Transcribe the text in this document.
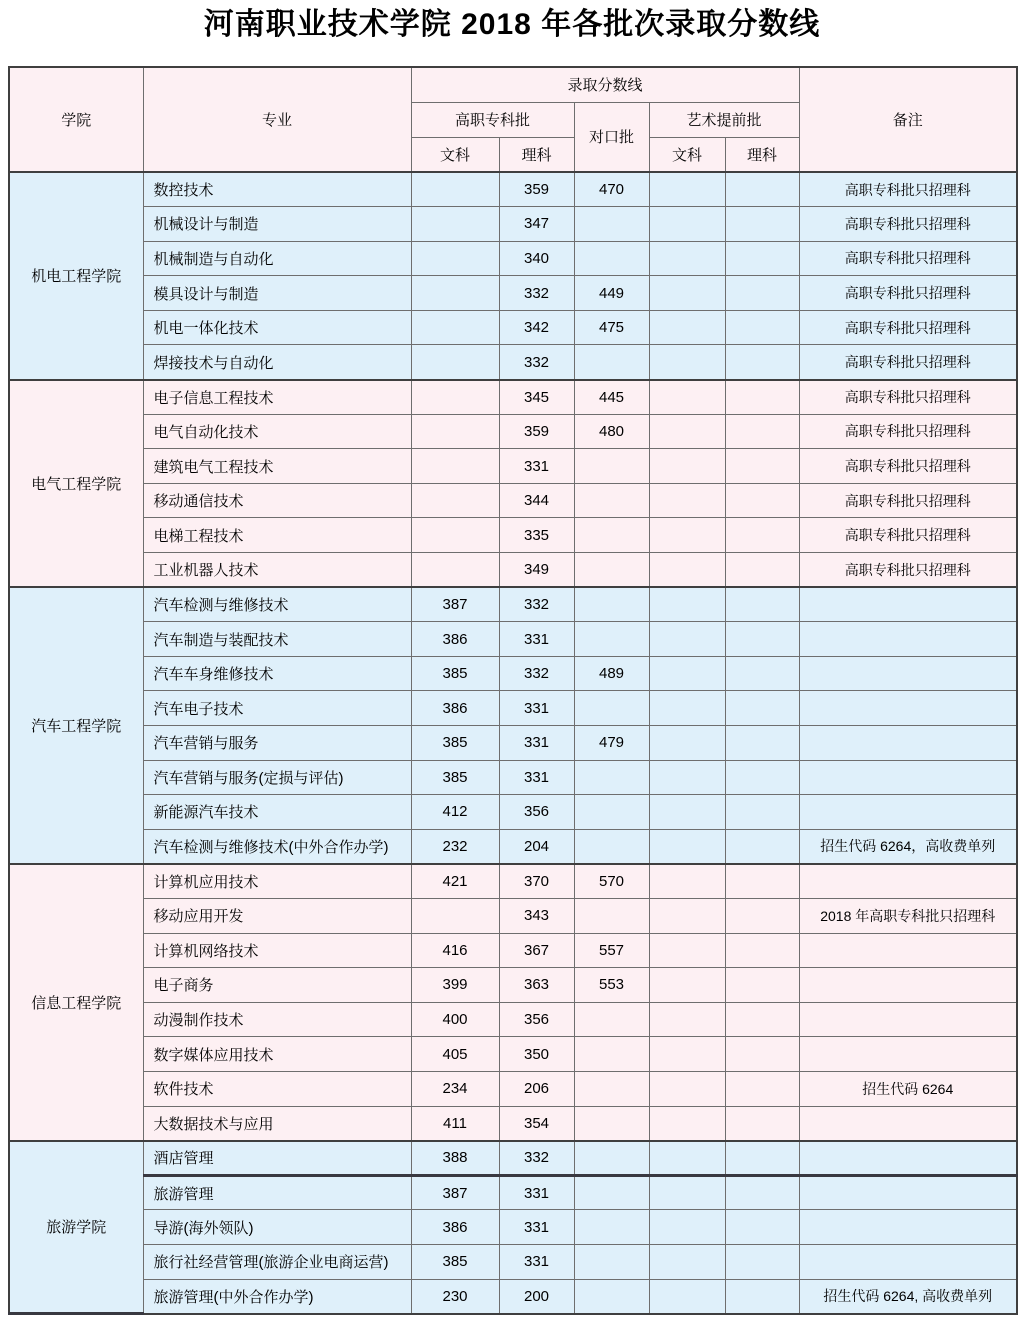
河南职业技术学院 2018 年各批次录取分数线
学院	专业	录取分数线					备注
		高职专科批		对口批	艺术提前批		
		文科	理科		文科	理科	
机电工程学院	数控技术		359	470			高职专科批只招理科
	机械设计与制造		347				高职专科批只招理科
	机械制造与自动化		340				高职专科批只招理科
	模具设计与制造		332	449			高职专科批只招理科
	机电一体化技术		342	475			高职专科批只招理科
	焊接技术与自动化		332				高职专科批只招理科
电气工程学院	电子信息工程技术		345	445			高职专科批只招理科
	电气自动化技术		359	480			高职专科批只招理科
	建筑电气工程技术		331				高职专科批只招理科
	移动通信技术		344				高职专科批只招理科
	电梯工程技术		335				高职专科批只招理科
	工业机器人技术		349				高职专科批只招理科
汽车工程学院	汽车检测与维修技术	387	332				
	汽车制造与装配技术	386	331				
	汽车车身维修技术	385	332	489			
	汽车电子技术	386	331				
	汽车营销与服务	385	331	479			
	汽车营销与服务(定损与评估)	385	331				
	新能源汽车技术	412	356				
	汽车检测与维修技术(中外合作办学)	232	204				招生代码 6264，高收费单列
信息工程学院	计算机应用技术	421	370	570			
	移动应用开发		343				2018 年高职专科批只招理科
	计算机网络技术	416	367	557			
	电子商务	399	363	553			
	动漫制作技术	400	356				
	数字媒体应用技术	405	350				
	软件技术	234	206				招生代码 6264
	大数据技术与应用	411	354				
旅游学院	酒店管理	388	332				
	旅游管理	387	331				
	导游(海外领队)	386	331				
	旅行社经营管理(旅游企业电商运营)	385	331				
	旅游管理(中外合作办学)	230	200				招生代码 6264, 高收费单列
